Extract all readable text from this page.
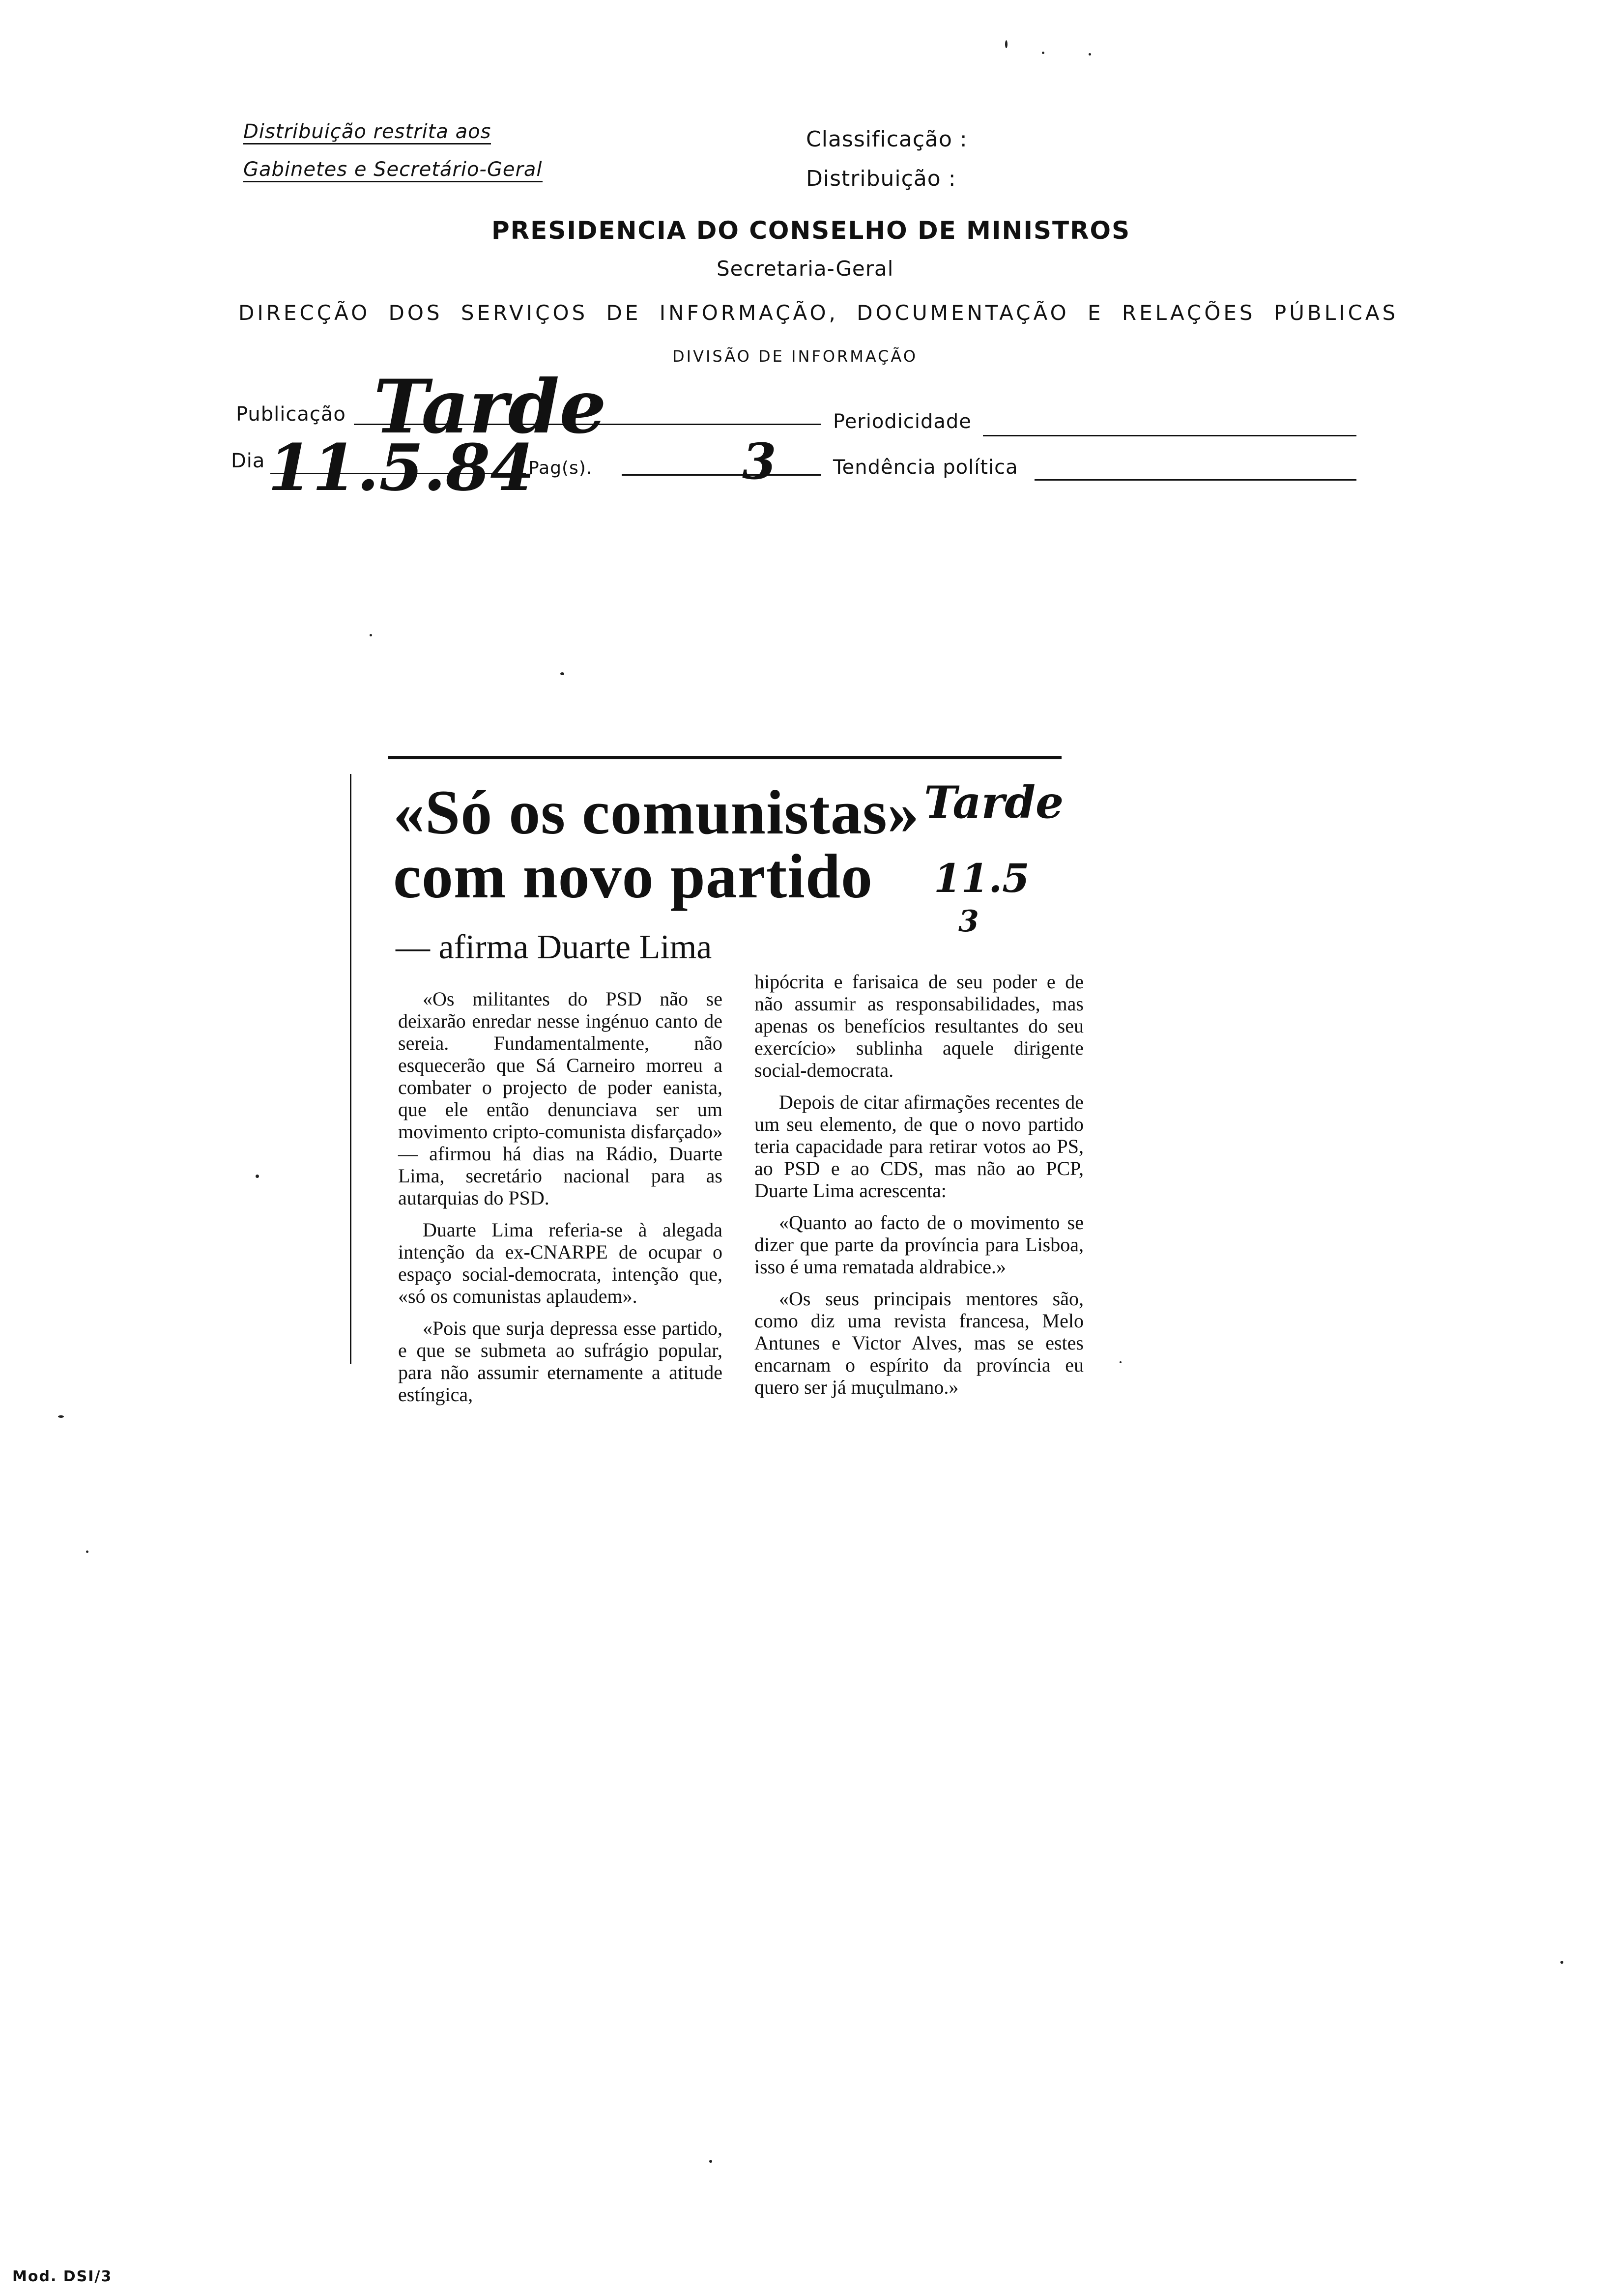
Distribuição restrita aos
Gabinetes e Secretário-Geral
Classificação :
Distribuição :
PRESIDENCIA DO CONSELHO DE MINISTROS
Secretaria-Geral
DIRECÇÃO DOS SERVIÇOS DE INFORMAÇÃO, DOCUMENTAÇÃO E RELAÇÕES PÚBLICAS
DIVISÃO DE INFORMAÇÃO
Publicação Tarde	Periodicidade
Dia 11.5.84
Pag(s).	3	Tendência política
«Só os comunistas»
com novo partido
— afirma Duarte Lima
Tarde
11.5
3

«Os militantes do PSD não se deixarão enredar nesse ingénuo canto de sereia. Fundamentalmente, não esquecerão que Sá Carneiro morreu a combater o projecto de poder eanista, que ele então denunciava ser um movimento cripto-comunista disfarçado» — afirmou há dias na Rádio, Duarte Lima, secretário nacional para as autarquias do PSD.

Duarte Lima referia-se à alegada intenção da ex-CNARPE de ocupar o espaço social-democrata, intenção que, «só os comunistas aplaudem».

«Pois que surja depressa esse partido, e que se submeta ao sufrágio popular, para não assumir eternamente a atitude estíngica,

hipócrita e farisaica de seu poder e de não assumir as responsabilidades, mas apenas os benefícios resultantes do seu exercício» sublinha aquele dirigente social-democrata.

Depois de citar afirmações recentes de um seu elemento, de que o novo partido teria capacidade para retirar votos ao PS, ao PSD e ao CDS, mas não ao PCP, Duarte Lima acrescenta:

«Quanto ao facto de o movimento se dizer que parte da província para Lisboa, isso é uma rematada aldrabice.»

«Os seus principais mentores são, como diz uma revista francesa, Melo Antunes e Victor Alves, mas se estes encarnam o espírito da província eu quero ser já muçulmano.»

Mod. DSI/3
